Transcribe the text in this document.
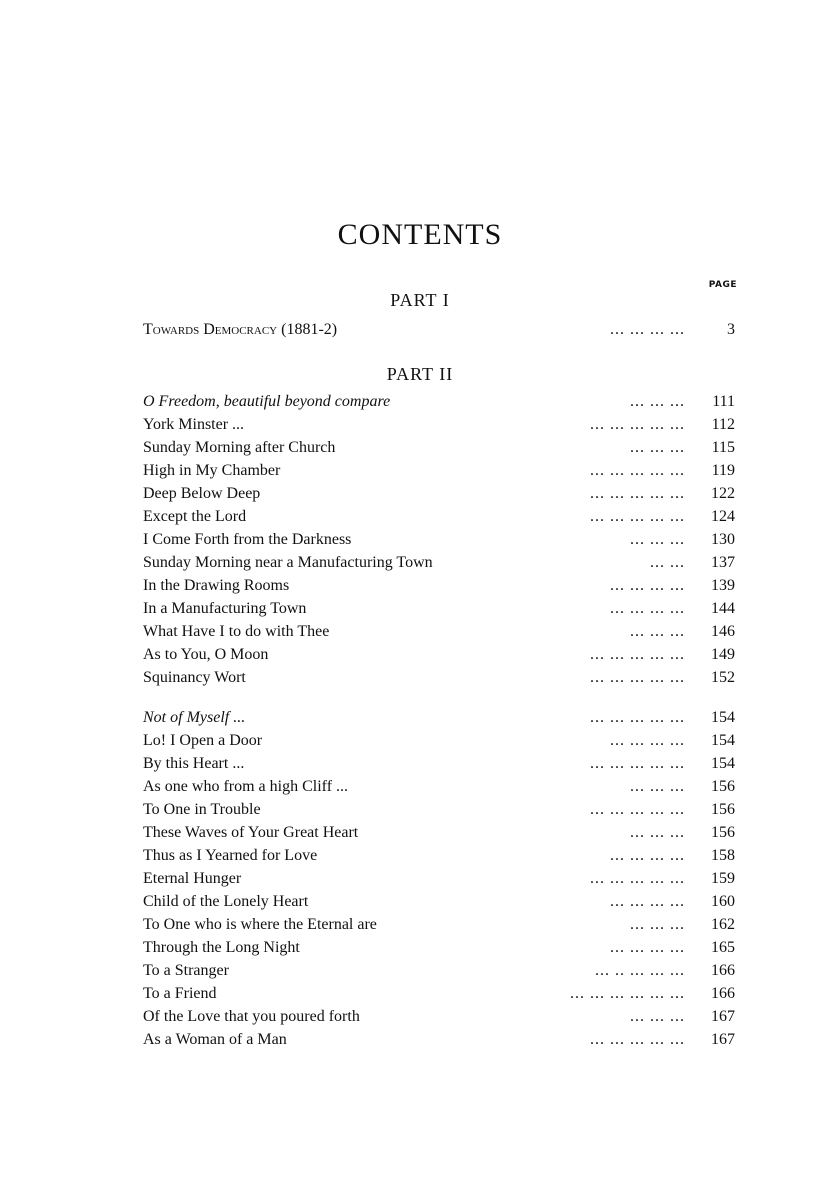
CONTENTS
PAGE
PART I
Towards Democracy (1881-2)	... ... ... ...	3
PART II
O Freedom, beautiful beyond compare	... ... ...	111
York Minster ...	... ... ... ... ...	112
Sunday Morning after Church	... ... ...	115
High in My Chamber	... ... ... ... ...	119
Deep Below Deep	... ... ... ... ...	122
Except the Lord	... ... ... ... ...	124
I Come Forth from the Darkness	... ... ...	130
Sunday Morning near a Manufacturing Town	... ...	137
In the Drawing Rooms	... ... ... ...	139
In a Manufacturing Town	... ... ... ...	144
What Have I to do with Thee	... ... ...	146
As to You, O Moon	... ... ... ... ...	149
Squinancy Wort	... ... ... ... ...	152
Not of Myself ...	... ... ... ... ...	154
Lo! I Open a Door	... ... ... ...	154
By this Heart ...	... ... ... ... ...	154
As one who from a high Cliff ...	... ... ...	156
To One in Trouble	... ... ... ... ...	156
These Waves of Your Great Heart	... ... ...	156
Thus as I Yearned for Love	... ... ... ...	158
Eternal Hunger	... ... ... ... ...	159
Child of the Lonely Heart	... ... ... ...	160
To One who is where the Eternal are	... ... ...	162
Through the Long Night	... ... ... ...	165
To a Stranger	... .. ... ... ...	166
To a Friend	... ... ... ... ... ...	166
Of the Love that you poured forth	... ... ...	167
As a Woman of a Man	... ... ... ... ...	167
